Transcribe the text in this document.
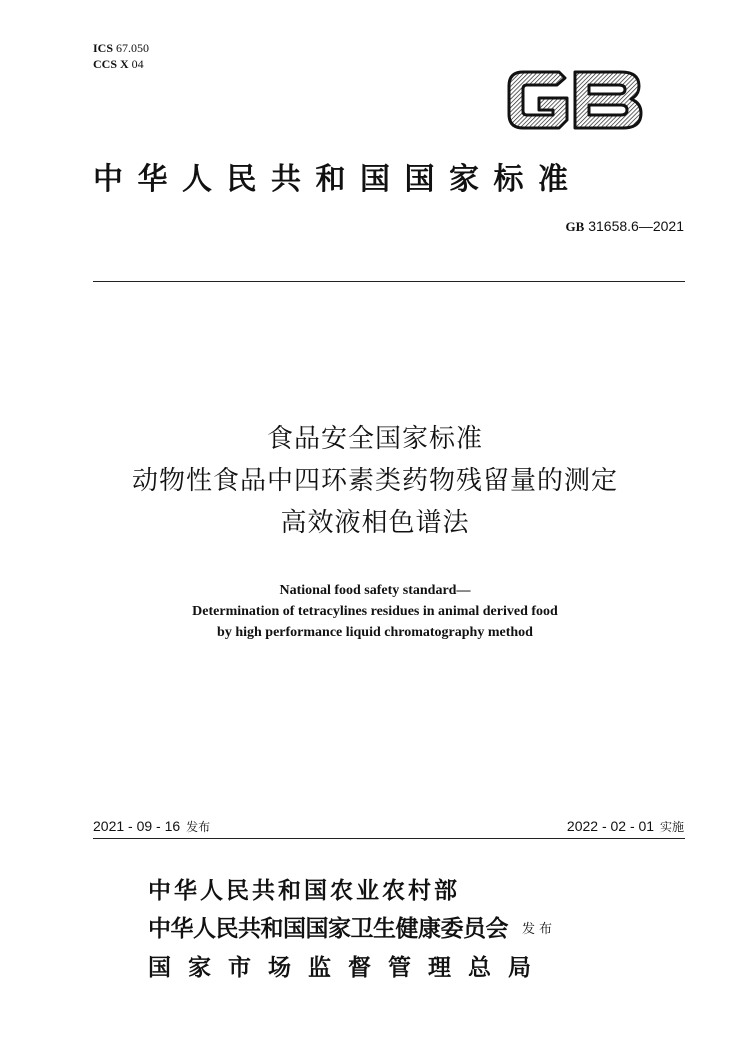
ICS 67.050
CCS X 04
中华人民共和国国家标准
GB 31658.6—2021
食品安全国家标准
动物性食品中四环素类药物残留量的测定
高效液相色谱法
National food safety standard—
Determination of tetracylines residues in animal derived food
by high performance liquid chromatography method
2021 - 09 - 16 发布	2022 - 02 - 01 实施
中华人民共和国农业农村部
中华人民共和国国家卫生健康委员会 发布
国家市场监督管理总局
